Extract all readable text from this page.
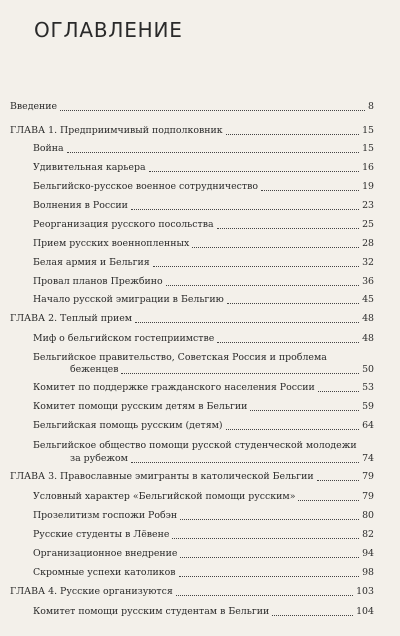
ОГЛАВЛЕНИЕ
Введение	8
ГЛАВА 1. Предприимчивый подполковник	15
Война	15
Удивительная карьера	16
Бельгийско-русское военное сотрудничество	19
Волнения в России	23
Реорганизация русского посольства	25
Прием русских военнопленных	28
Белая армия и Бельгия	32
Провал планов Прежбино	36
Начало русской эмиграции в Бельгию	45
ГЛАВА 2. Теплый прием	48
Миф о бельгийском гостеприимстве	48
Бельгийское правительство, Советская Россия и проблема
беженцев	50
Комитет по поддержке гражданского населения России	53
Комитет помощи русским детям в Бельгии	59
Бельгийская помощь русским (детям)	64
Бельгийское общество помощи русской студенческой молодежи
за рубежом	74
ГЛАВА 3. Православные эмигранты в католической Бельгии	79
Условный характер «Бельгийской помощи русским»	79
Прозелитизм госпожи Робэн	80
Русские студенты в Лёвене	82
Организационное внедрение	94
Скромные успехи католиков	98
ГЛАВА 4. Русские организуются	103
Комитет помощи русским студентам в Бельгии	104
